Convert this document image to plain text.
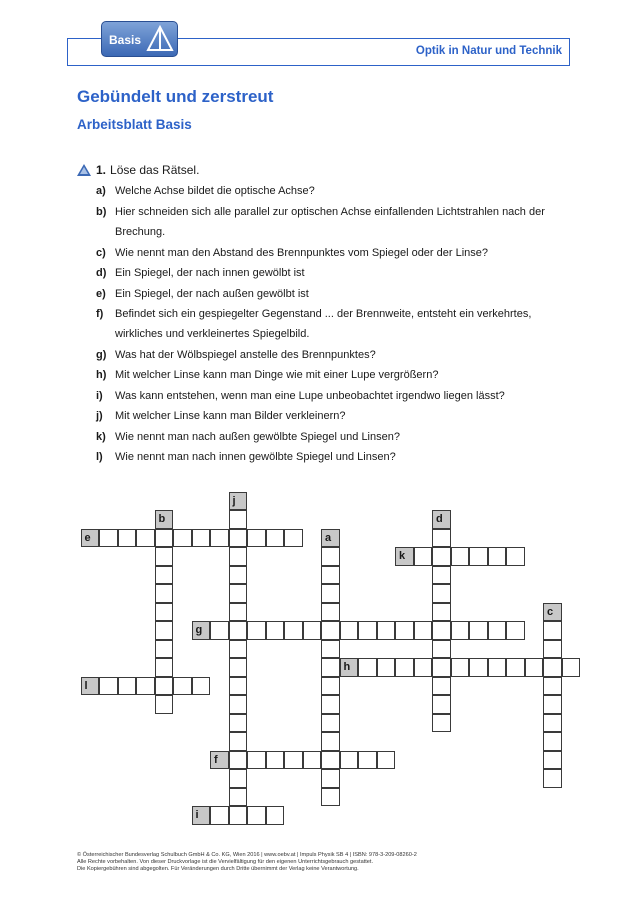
Optik in Natur und Technik
Basis
Gebündelt und zerstreut
Arbeitsblatt Basis
1. Löse das Rätsel.
a) Welche Achse bildet die optische Achse?
b) Hier schneiden sich alle parallel zur optischen Achse einfallenden Lichtstrahlen nach der Brechung.
c) Wie nennt man den Abstand des Brennpunktes vom Spiegel oder der Linse?
d) Ein Spiegel, der nach innen gewölbt ist
e) Ein Spiegel, der nach außen gewölbt ist
f) Befindet sich ein gespiegelter Gegenstand ... der Brennweite, entsteht ein verkehrtes, wirkliches und verkleinertes Spiegelbild.
g) Was hat der Wölbspiegel anstelle des Brennpunktes?
h) Mit welcher Linse kann man Dinge wie mit einer Lupe vergrößern?
i) Was kann entstehen, wenn man eine Lupe unbeobachtet irgendwo liegen lässt?
j) Mit welcher Linse kann man Bilder verkleinern?
k) Wie nennt man nach außen gewölbte Spiegel und Linsen?
l) Wie nennt man nach innen gewölbte Spiegel und Linsen?
e
k
g
h
l
f
i
j
b
a
d
c
© Österreichischer Bundesverlag Schulbuch GmbH & Co. KG, Wien 2016 | www.oebv.at | Impuls Physik SB 4 | ISBN: 978-3-209-08260-2
Alle Rechte vorbehalten. Von dieser Druckvorlage ist die Vervielfältigung für den eigenen Unterrichtsgebrauch gestattet.
Die Kopiergebühren sind abgegolten. Für Veränderungen durch Dritte übernimmt der Verlag keine Verantwortung.
